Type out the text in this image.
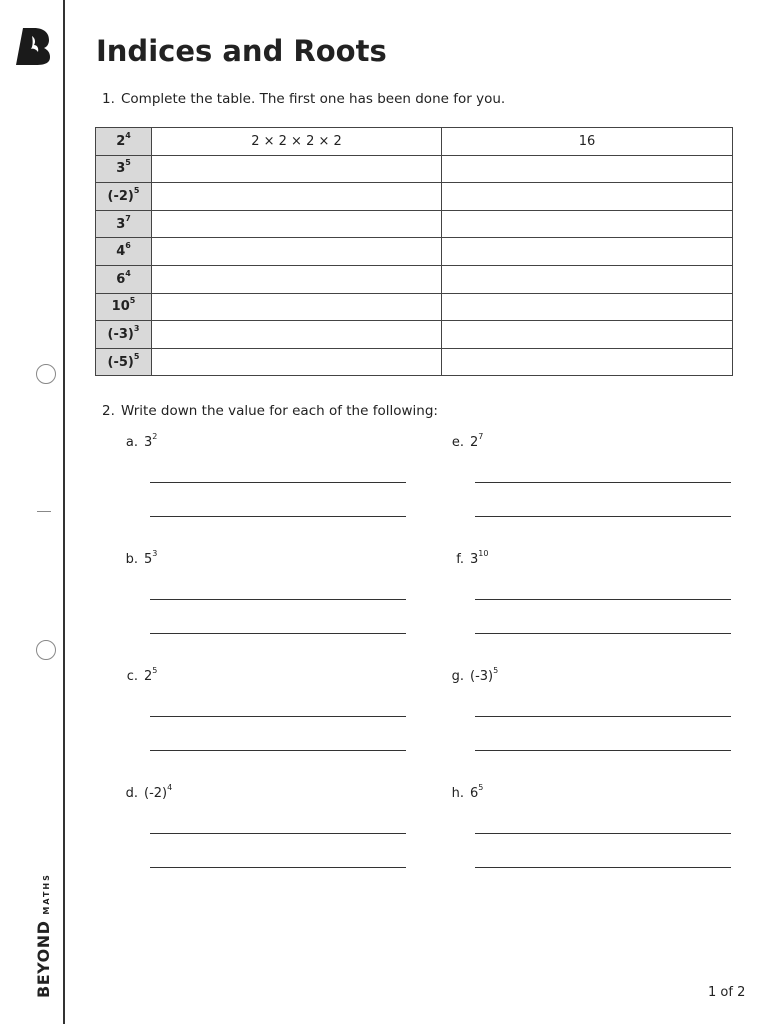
BEYONDMATHS
Indices and Roots
1. Complete the table. The first one has been done for you.
$2^4$	2 × 2 × 2 × 2	16
$3^5$		
$(-2)^5$		
$3^7$		
$4^6$		
$6^4$		
$10^5$		
$(-3)^3$		
$(-5)^5$		
2. Write down the value for each of the following:
a. $3^2$
b. $5^3$
c. $2^5$
d. $(-2)^4$
e. $2^7$
f. $3^{10}$
g. $(-3)^5$
h. $6^5$
1 of 2
